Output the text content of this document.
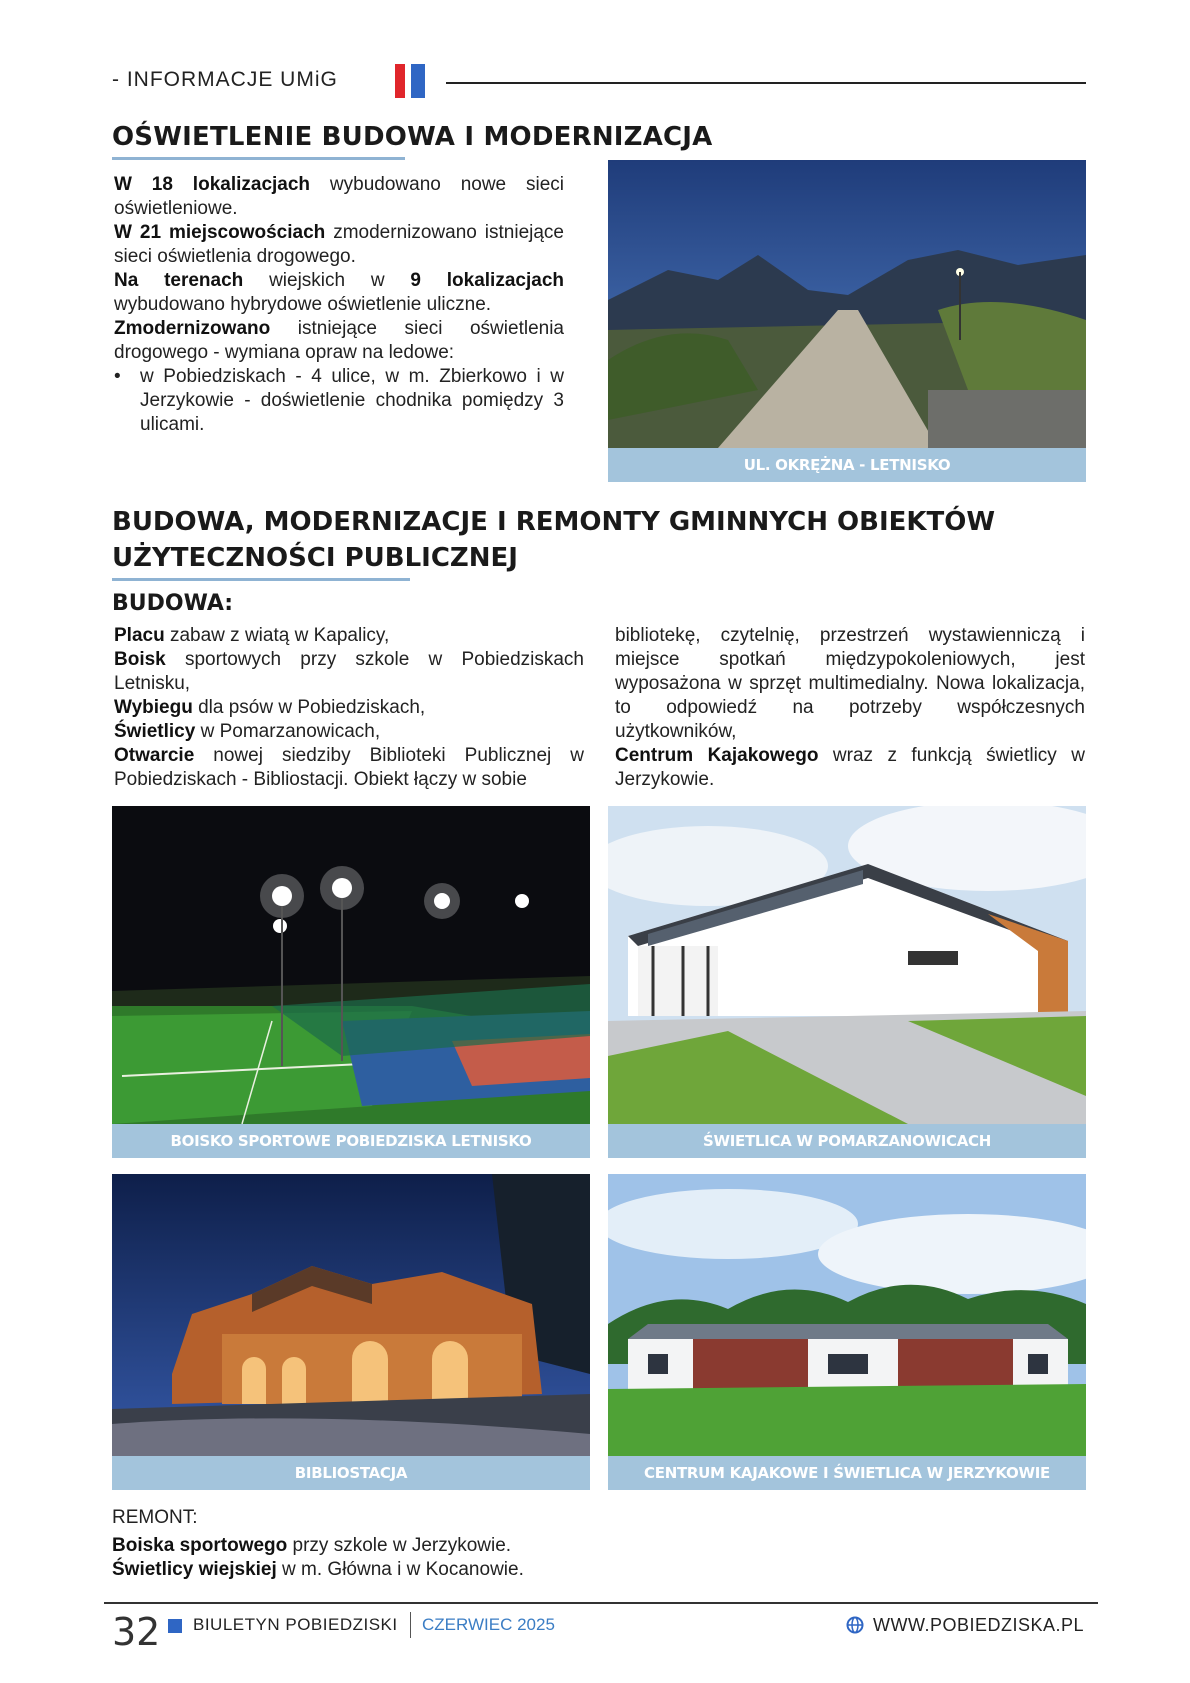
- INFORMACJE UMiG
OŚWIETLENIE BUDOWA I MODERNIZACJA

W 18 lokalizacjach wybudowano nowe sieci oświetleniowe.

W 21 miejscowościach zmodernizowano istniejące sieci oświetlenia drogowego.

Na terenach wiejskich w 9 lokalizacjach wybudowano hybrydowe oświetlenie uliczne.

Zmodernizowano istniejące sieci oświetlenia drogowego - wymiana opraw na ledowe:

•	w Pobiedziskach - 4 ulice, w m. Zbierkowo i w Jerzykowie - doświetlenie chodnika pomiędzy 3 ulicami.
UL. OKRĘŻNA - LETNISKO
BUDOWA, MODERNIZACJE I REMONTY GMINNYCH OBIEKTÓW
UŻYTECZNOŚCI PUBLICZNEJ
BUDOWA:

Placu zabaw z wiatą w Kapalicy,

Boisk sportowych przy szkole w Pobiedziskach Letnisku,

Wybiegu dla psów w Pobiedziskach,

Świetlicy w Pomarzanowicach,

Otwarcie nowej siedziby Biblioteki Publicznej w Pobiedziskach - Bibliostacji. Obiekt łączy w sobie

bibliotekę, czytelnię, przestrzeń wystawienniczą i miejsce spotkań międzypokoleniowych, jest wyposażona w sprzęt multimedialny. Nowa lokalizacja, to odpowiedź na potrzeby współczesnych użytkowników,

Centrum Kajakowego wraz z funkcją świetlicy w Jerzykowie.

BOISKO SPORTOWE POBIEDZISKA LETNISKO	ŚWIETLICA W POMARZANOWICACH
BIBLIOSTACJA	CENTRUM KAJAKOWE I ŚWIETLICA W JERZYKOWIE

REMONT:

Boiska sportowego przy szkole w Jerzykowie.

Świetlicy wiejskiej w m. Główna i w Kocanowie.

32 BIULETYN POBIEDZISKI CZERWIEC 2025	WWW.POBIEDZISKA.PL
